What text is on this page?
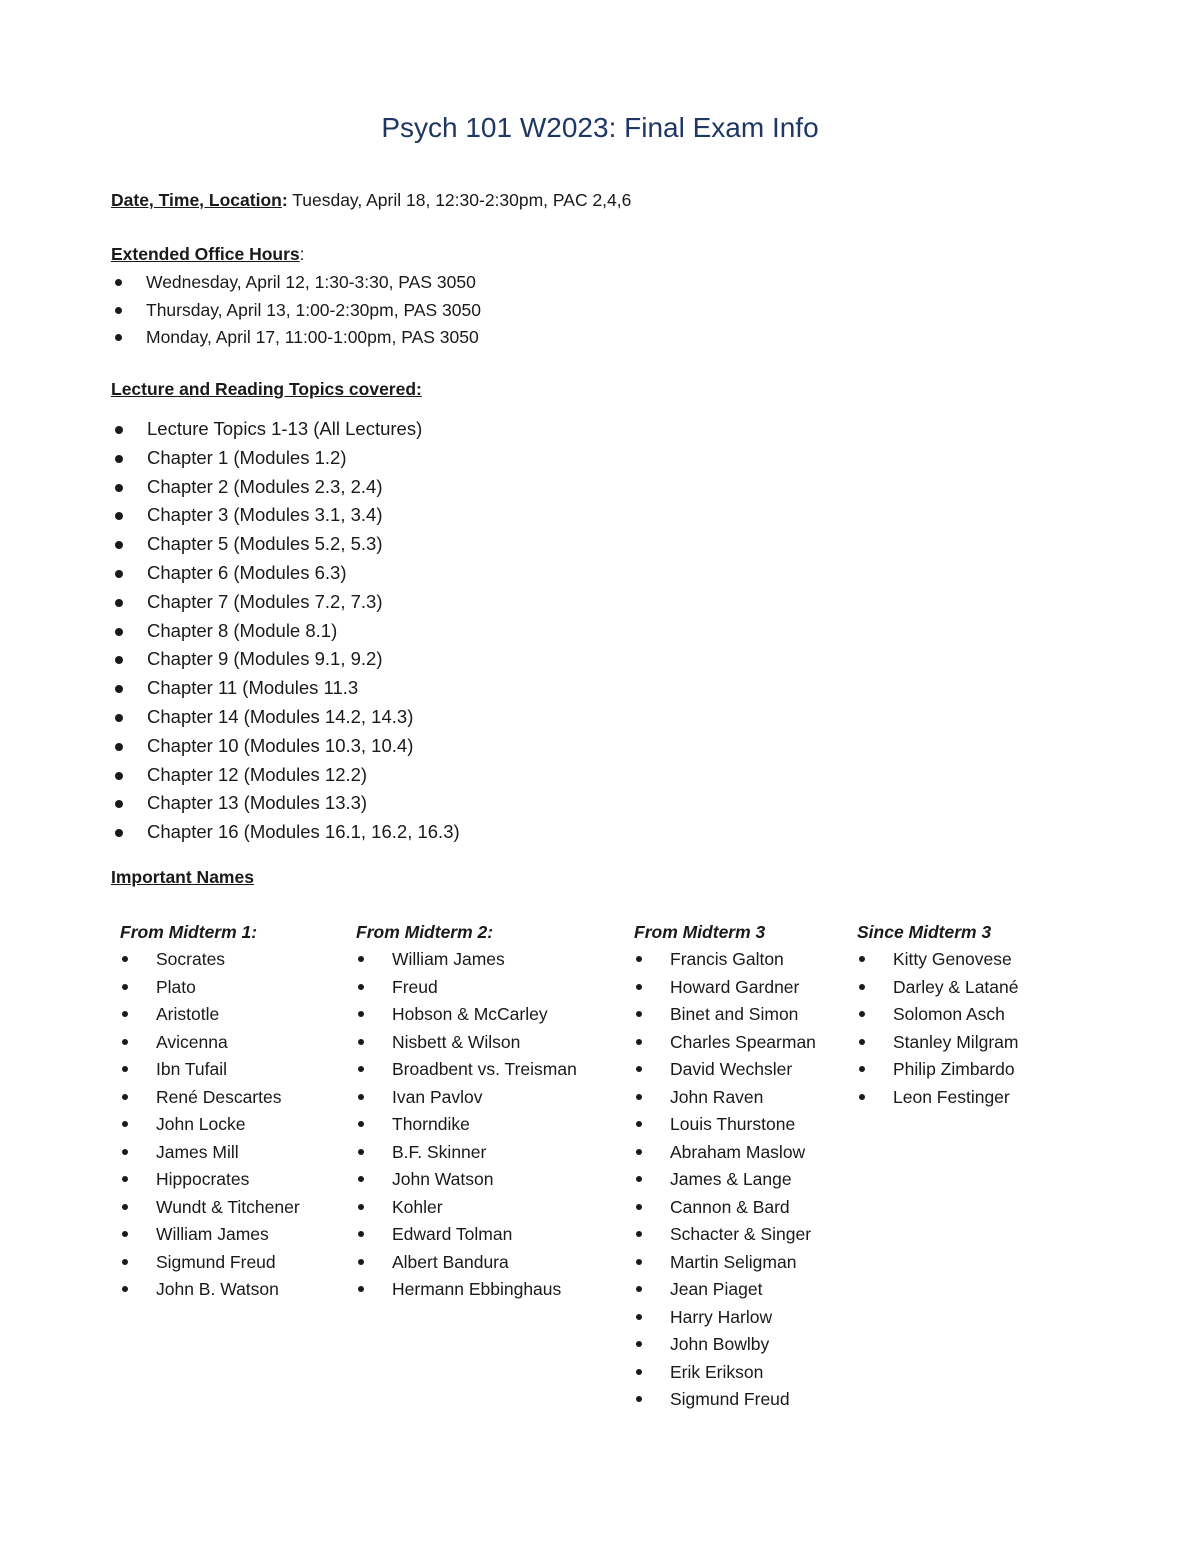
Psych 101 W2023: Final Exam Info
Date, Time, Location: Tuesday, April 18, 12:30-2:30pm, PAC 2,4,6
Extended Office Hours:
Wednesday, April 12, 1:30-3:30, PAS 3050
Thursday, April 13, 1:00-2:30pm, PAS 3050
Monday, April 17, 11:00-1:00pm, PAS 3050
Lecture and Reading Topics covered:
Lecture Topics 1-13 (All Lectures)
Chapter 1 (Modules 1.2)
Chapter 2 (Modules 2.3, 2.4)
Chapter 3 (Modules 3.1, 3.4)
Chapter 5 (Modules 5.2, 5.3)
Chapter 6 (Modules 6.3)
Chapter 7 (Modules 7.2, 7.3)
Chapter 8 (Module 8.1)
Chapter 9 (Modules 9.1, 9.2)
Chapter 11 (Modules 11.3
Chapter 14 (Modules 14.2, 14.3)
Chapter 10 (Modules 10.3, 10.4)
Chapter 12 (Modules 12.2)
Chapter 13 (Modules 13.3)
Chapter 16 (Modules 16.1, 16.2, 16.3)
Important Names
From Midterm 1:
Socrates
Plato
Aristotle
Avicenna
Ibn Tufail
René Descartes
John Locke
James Mill
Hippocrates
Wundt & Titchener
William James
Sigmund Freud
John B. Watson
From Midterm 2:
William James
Freud
Hobson & McCarley
Nisbett & Wilson
Broadbent vs. Treisman
Ivan Pavlov
Thorndike
B.F. Skinner
John Watson
Kohler
Edward Tolman
Albert Bandura
Hermann Ebbinghaus
From Midterm 3
Francis Galton
Howard Gardner
Binet and Simon
Charles Spearman
David Wechsler
John Raven
Louis Thurstone
Abraham Maslow
James & Lange
Cannon & Bard
Schacter & Singer
Martin Seligman
Jean Piaget
Harry Harlow
John Bowlby
Erik Erikson
Sigmund Freud
Since Midterm 3
Kitty Genovese
Darley & Latané
Solomon Asch
Stanley Milgram
Philip Zimbardo
Leon Festinger
